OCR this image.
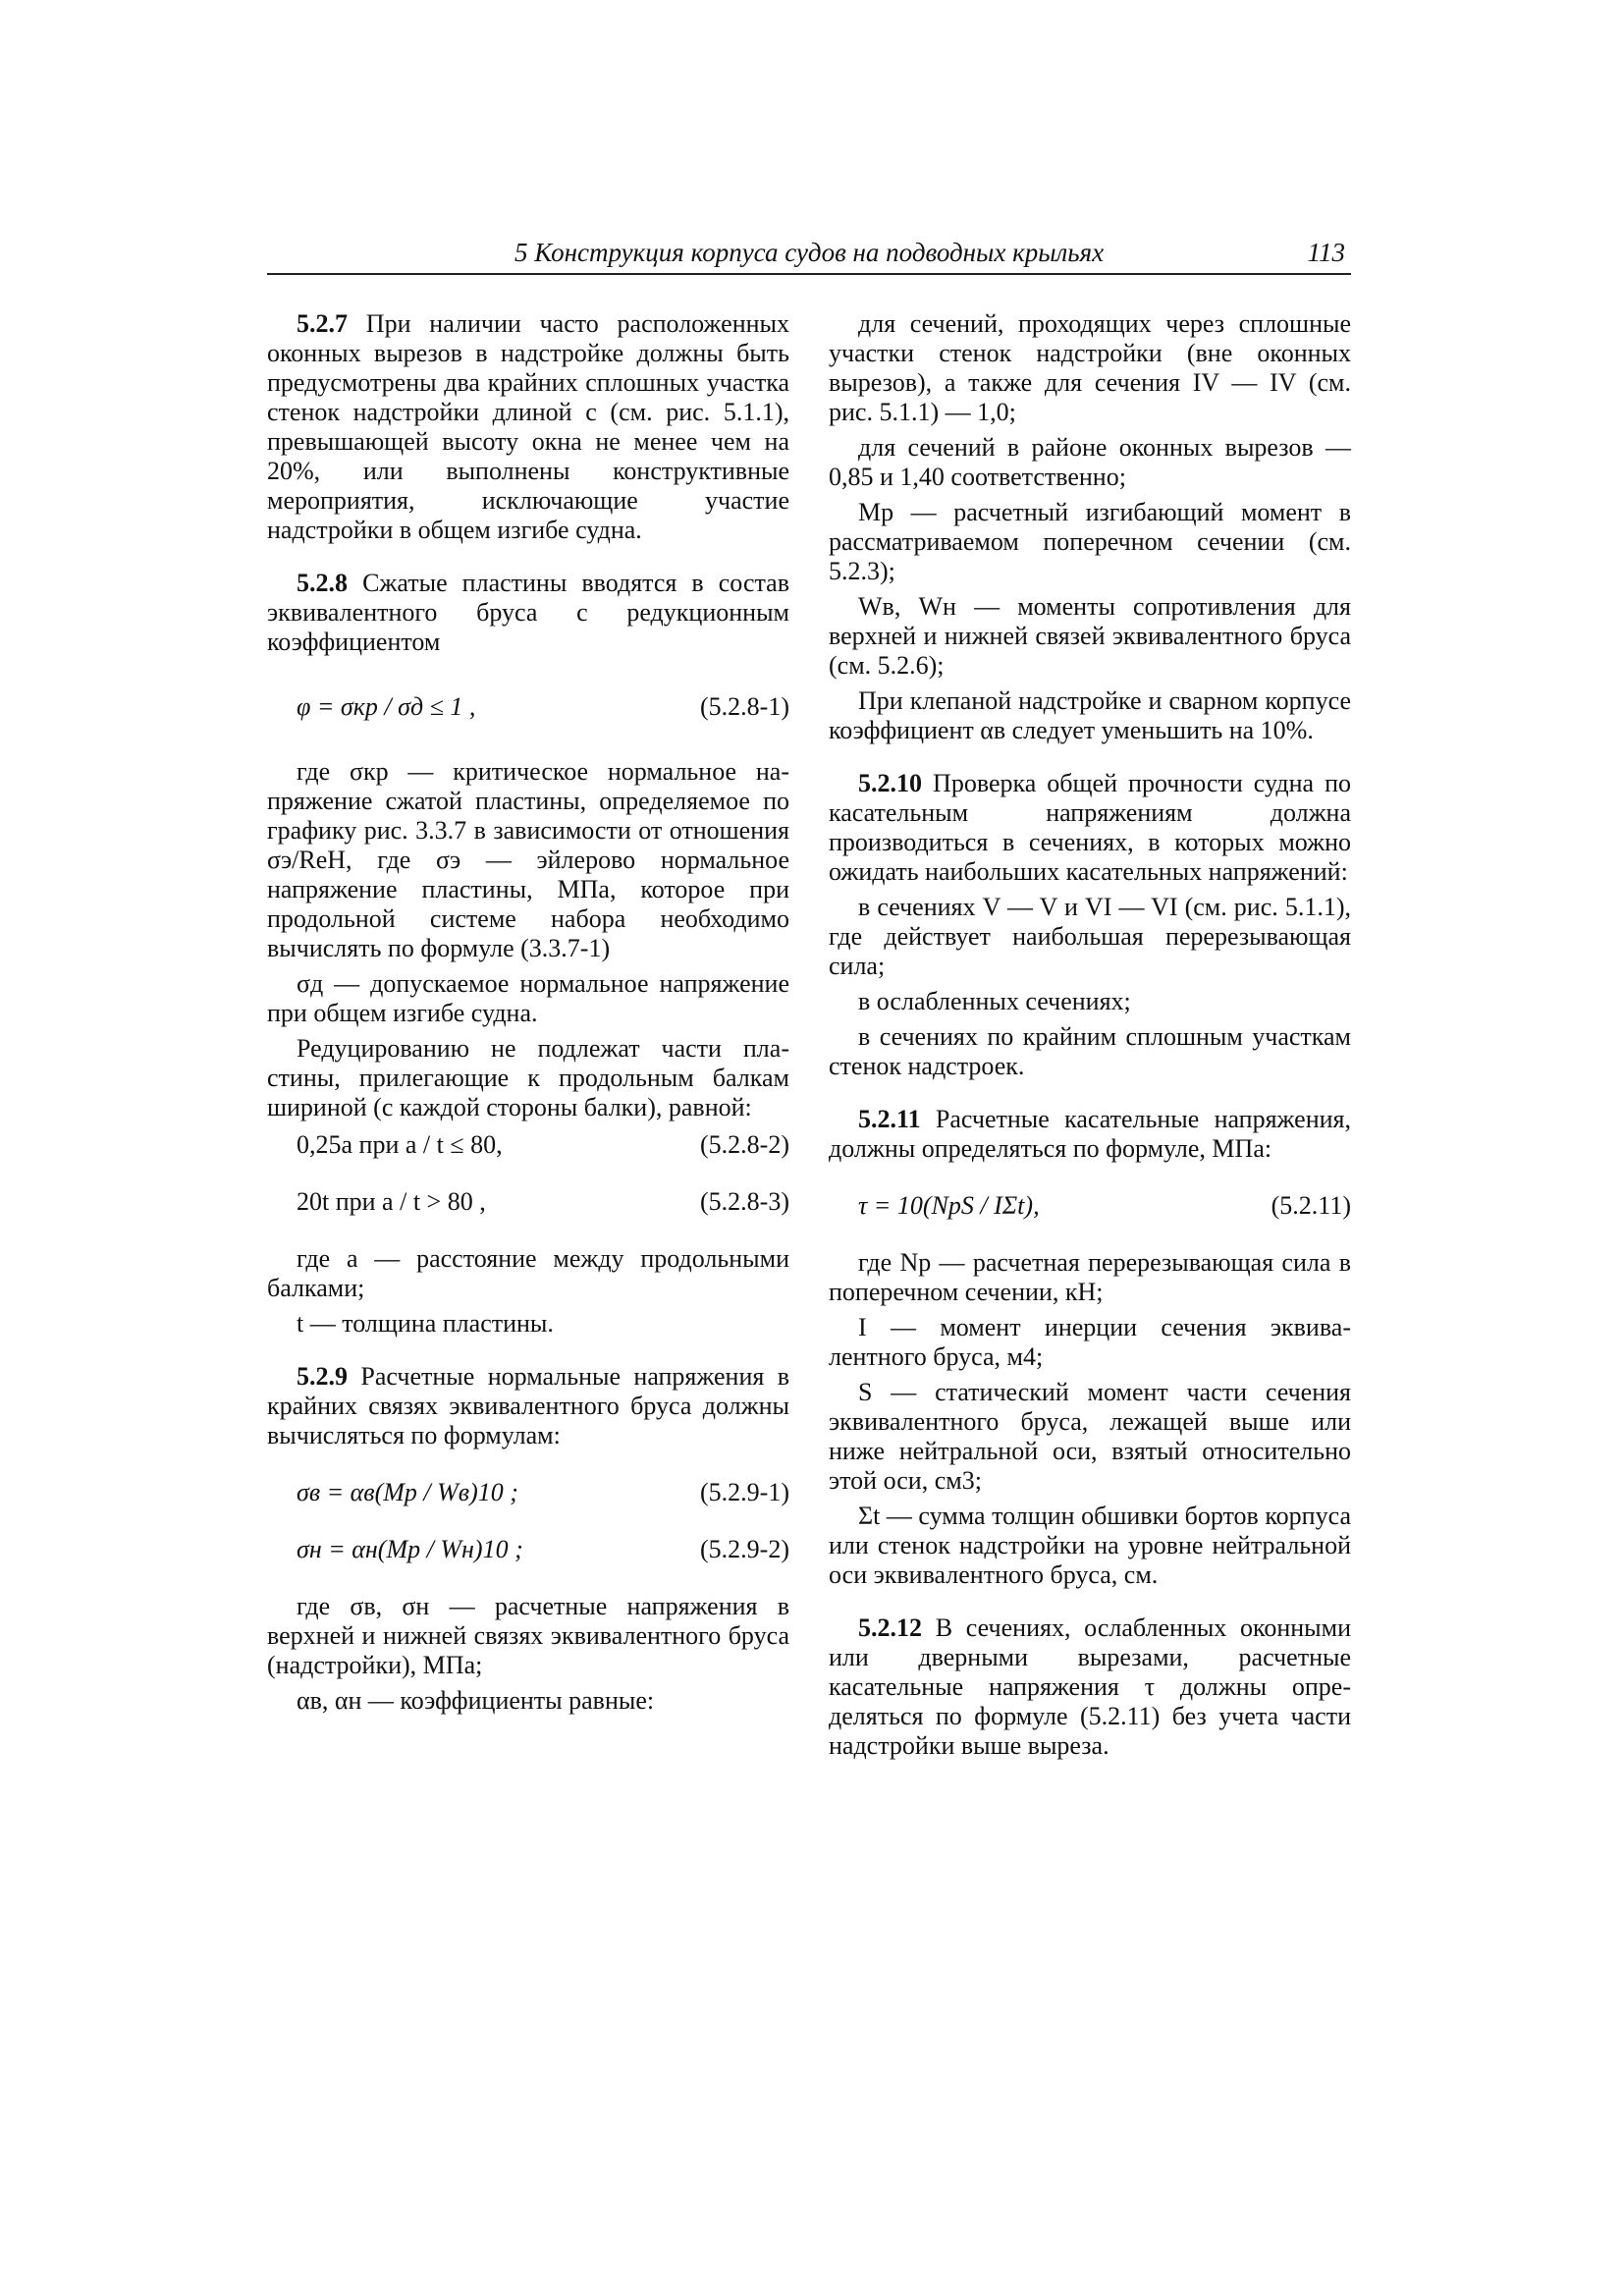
5 Конструкция корпуса судов на подводных крыльях	113

5.2.7 При наличии часто расположенных оконных вырезов в надстройке должны быть предусмотрены два крайних сплошных участка стенок надстройки длиной c (см. рис. 5.1.1), превышающей высоту окна не менее чем на 20%, или выполнены конструктивные мероприятия, исключающие участие надстройки в общем изгибе судна.

5.2.8 Сжатые пластины вводятся в состав эквивалентного бруса с редукционным коэффициентом

φ = σкр / σд ≤ 1 ,	(5.2.8-1)

где σкр — критическое нормальное напряжение сжатой пластины, определяемое по графику рис. 3.3.7 в зависимости от отношения σэ/ReH, где σэ — эйлерово нормальное напряжение пластины, МПа, которое при продольной системе набора необходимо вычислять по формуле (3.3.7-1)

σд — допускаемое нормальное напряжение при общем изгибе судна.

Редуцированию не подлежат части пластины, прилегающие к продольным балкам шириной (с каждой стороны балки), равной:

0,25a при a / t ≤ 80,	(5.2.8-2)
20t при a / t > 80 ,	(5.2.8-3)

где a — расстояние между продольными балками;

t — толщина пластины.

5.2.9 Расчетные нормальные напряжения в крайних связях эквивалентного бруса должны вычисляться по формулам:

σв = αв(Mр / Wв)10 ;	(5.2.9-1)
σн = αн(Mр / Wн)10 ;	(5.2.9-2)

где σв, σн — расчетные напряжения в верхней и нижней связях эквивалентного бруса (надстройки), МПа;

αв, αн — коэффициенты равные:

для сечений, проходящих через сплошные участки стенок надстройки (вне оконных вырезов), а также для сечения IV — IV (см. рис. 5.1.1) — 1,0;

для сечений в районе оконных вырезов — 0,85 и 1,40 соответственно;

Mр — расчетный изгибающий момент в рассматриваемом поперечном сечении (см. 5.2.3);

Wв, Wн — моменты сопротивления для верхней и нижней связей эквивалентного бруса (см. 5.2.6);

При клепаной надстройке и сварном корпусе коэффициент αв следует уменьшить на 10%.

5.2.10 Проверка общей прочности судна по касательным напряжениям должна производиться в сечениях, в которых можно ожидать наибольших касательных напряжений:

в сечениях V — V и VI — VI (см. рис. 5.1.1), где действует наибольшая перерезывающая сила;

в ослабленных сечениях;

в сечениях по крайним сплошным участкам стенок надстроек.

5.2.11 Расчетные касательные напряжения, должны определяться по формуле, МПа:

τ = 10(NрS / IΣt),	(5.2.11)

где Nр — расчетная перерезывающая сила в поперечном сечении, кН;

I — момент инерции сечения эквивалентного бруса, м4;

S — статический момент части сечения эквивалентного бруса, лежащей выше или ниже нейтральной оси, взятый относительно этой оси, см3;

Σt — сумма толщин обшивки бортов корпуса или стенок надстройки на уровне нейтральной оси эквивалентного бруса, см.

5.2.12 В сечениях, ослабленных оконными или дверными вырезами, расчетные касательные напряжения τ должны определяться по формуле (5.2.11) без учета части надстройки выше выреза.
